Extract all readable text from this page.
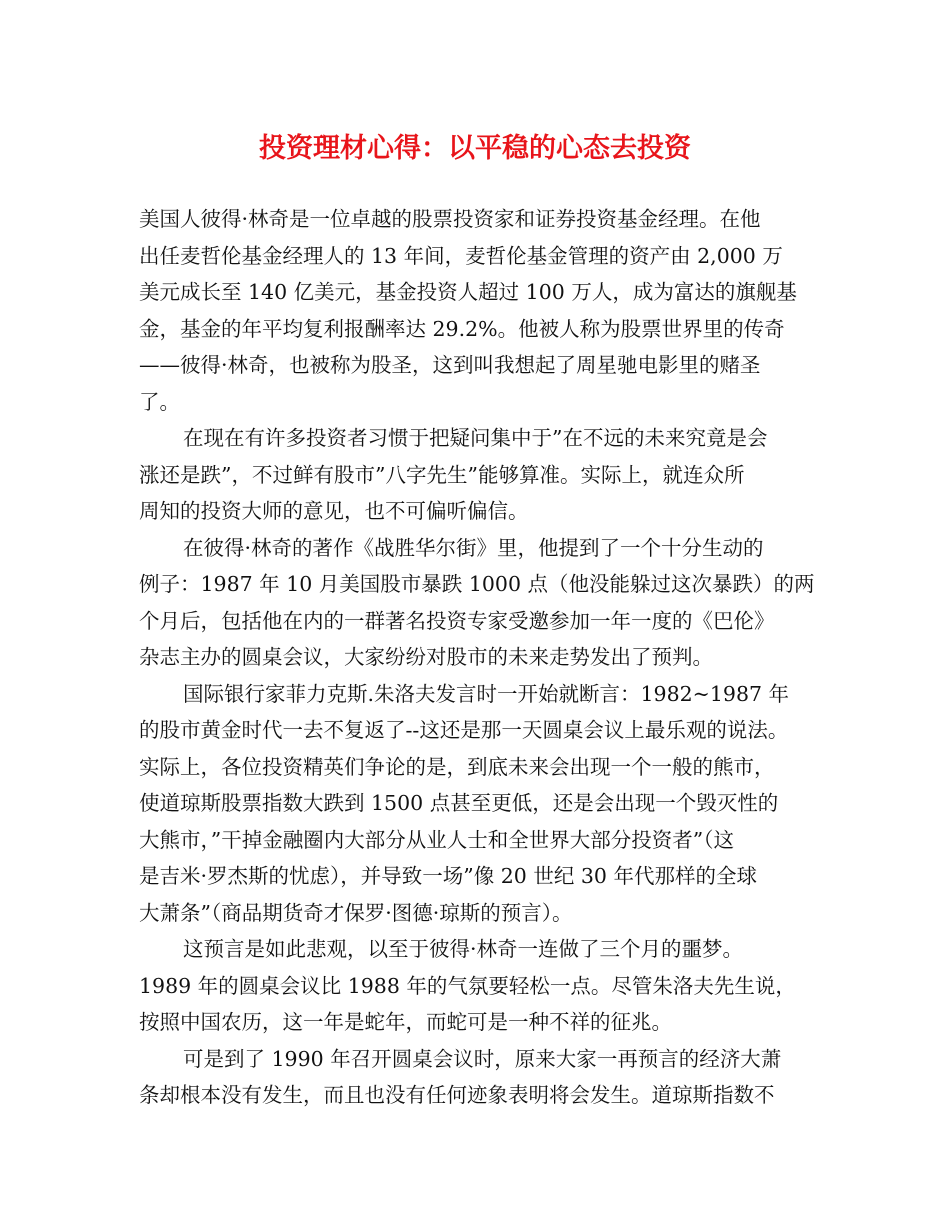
投资理材心得：以平稳的心态去投资
美国人彼得·林奇是一位卓越的股票投资家和证券投资基金经理。在他
出任麦哲伦基金经理人的 13 年间，麦哲伦基金管理的资产由 2,000 万
美元成长至 140 亿美元，基金投资人超过 100 万人，成为富达的旗舰基
金，基金的年平均复利报酬率达 29.2%。他被人称为股票世界里的传奇
——彼得·林奇，也被称为股圣，这到叫我想起了周星驰电影里的赌圣
了。
在现在有许多投资者习惯于把疑问集中于”在不远的未来究竟是会
涨还是跌”，不过鲜有股市”八字先生”能够算准。实际上，就连众所
周知的投资大师的意见，也不可偏听偏信。
在彼得·林奇的著作《战胜华尔街》里，他提到了一个十分生动的
例子：1987 年 10 月美国股市暴跌 1000 点（他没能躲过这次暴跌）的两
个月后，包括他在内的一群著名投资专家受邀参加一年一度的《巴伦》
杂志主办的圆桌会议，大家纷纷对股市的未来走势发出了预判。
国际银行家菲力克斯.朱洛夫发言时一开始就断言：1982~1987 年
的股市黄金时代一去不复返了--这还是那一天圆桌会议上最乐观的说法。
实际上，各位投资精英们争论的是，到底未来会出现一个一般的熊市，
使道琼斯股票指数大跌到 1500 点甚至更低，还是会出现一个毁灭性的
大熊市，”干掉金融圈内大部分从业人士和全世界大部分投资者”（这
是吉米·罗杰斯的忧虑），并导致一场”像 20 世纪 30 年代那样的全球
大萧条”（商品期货奇才保罗·图德·琼斯的预言）。
这预言是如此悲观，以至于彼得·林奇一连做了三个月的噩梦。
1989 年的圆桌会议比 1988 年的气氛要轻松一点。尽管朱洛夫先生说，
按照中国农历，这一年是蛇年，而蛇可是一种不祥的征兆。
可是到了 1990 年召开圆桌会议时，原来大家一再预言的经济大萧
条却根本没有发生，而且也没有任何迹象表明将会发生。道琼斯指数不
